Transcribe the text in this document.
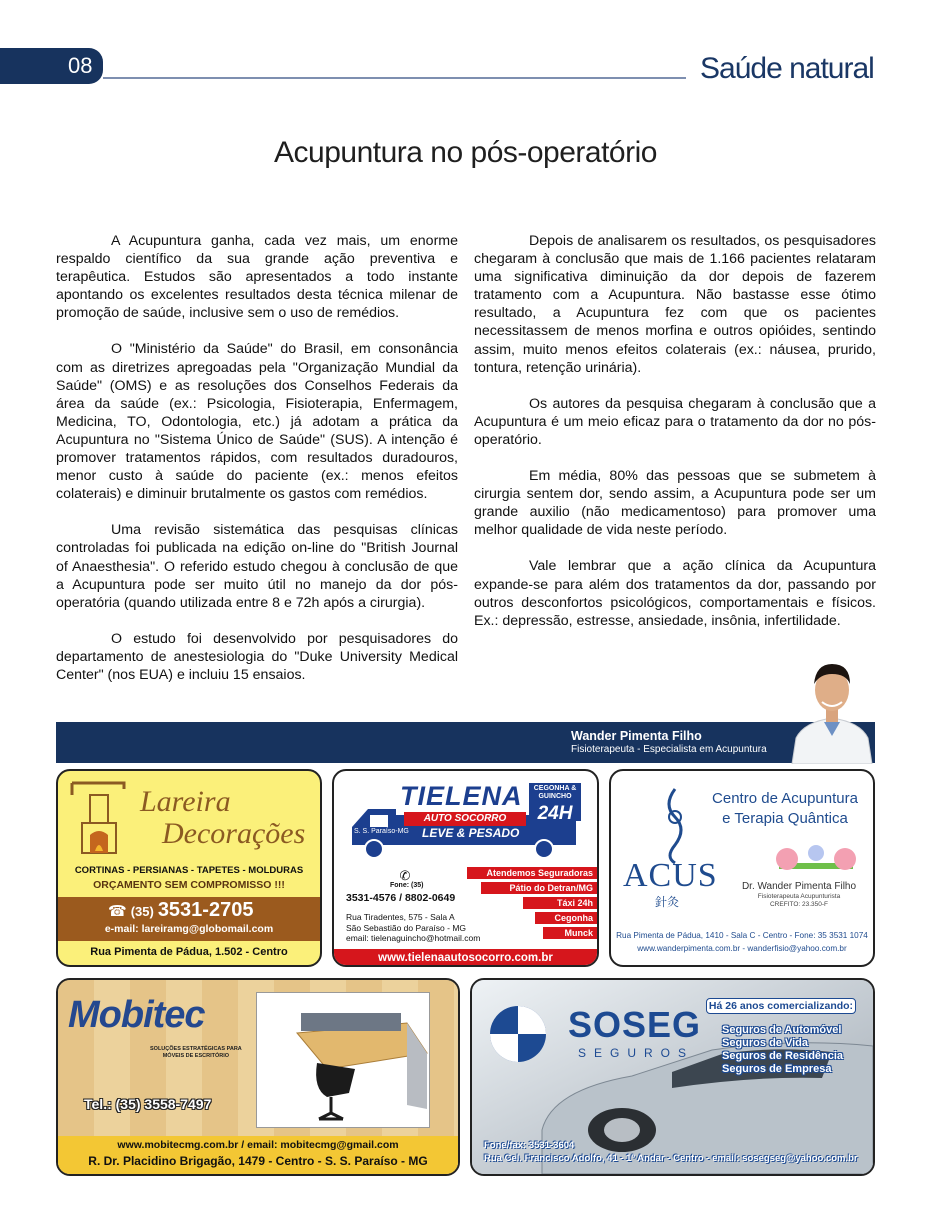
08	Saúde natural
Acupuntura no pós-operatório

A Acupuntura ganha, cada vez mais, um enorme respaldo científico da sua grande ação preventiva e terapêutica. Estudos são apresentados a todo instante apontando os excelentes resultados desta técnica milenar de promoção de saúde, inclusive sem o uso de remédios.

O "Ministério da Saúde" do Brasil, em consonância com as diretrizes apregoadas pela "Organização Mundial da Saúde" (OMS) e as resoluções dos Conselhos Federais da área da saúde (ex.: Psicologia, Fisioterapia, Enfermagem, Medicina, TO, Odontologia, etc.) já adotam a prática da Acupuntura no "Sistema Único de Saúde" (SUS). A intenção é promover tratamentos rápidos, com resultados duradouros, menor custo à saúde do paciente (ex.: menos efeitos colaterais) e diminuir brutalmente os gastos com remédios.

Uma revisão sistemática das pesquisas clínicas controladas foi publicada na edição on-line do "British Journal of Anaesthesia". O referido estudo chegou à conclusão de que a Acupuntura pode ser muito útil no manejo da dor pós-operatória (quando utilizada entre 8 e 72h após a cirurgia).

O estudo foi desenvolvido por pesquisadores do departamento de anestesiologia do "Duke University Medical Center" (nos EUA) e incluiu 15 ensaios.

Depois de analisarem os resultados, os pesquisadores chegaram à conclusão que mais de 1.166 pacientes relataram uma significativa diminuição da dor depois de fazerem tratamento com a Acupuntura. Não bastasse esse ótimo resultado, a Acupuntura fez com que os pacientes necessitassem de menos morfina e outros opióides, sentindo assim, muito menos efeitos colaterais (ex.: náusea, prurido, tontura, retenção urinária).

Os autores da pesquisa chegaram à conclusão que a Acupuntura é um meio eficaz para o tratamento da dor no pós-operatório.

Em média, 80% das pessoas que se submetem à cirurgia sentem dor, sendo assim, a Acupuntura pode ser um grande auxilio (não medicamentoso) para promover uma melhor qualidade de vida neste período.

Vale lembrar que a ação clínica da Acupuntura expande-se para além dos tratamentos da dor, passando por outros desconfortos psicológicos, comportamentais e físicos. Ex.: depressão, estresse, ansiedade, insônia, infertilidade.

Wander Pimenta Filho
Fisioterapeuta - Especialista em Acupuntura
Lareira
Decorações
CORTINAS - PERSIANAS - TAPETES - MOLDURAS
ORÇAMENTO SEM COMPROMISSO !!!
☎ (35) 3531-2705
e-mail: lareiramg@globomail.com
Rua Pimenta de Pádua, 1.502 - Centro
TIELENA
AUTO SOCORRO
CEGONHA & GUINCHO
24H
LEVE & PESADO
S. S. Paraíso-MG
✆
Fone: (35)
3531-4576 / 8802-0649
Atendemos Seguradoras
Pátio do Detran/MG
Táxi 24h
Cegonha
Munck
Rua Tiradentes, 575 - Sala A
São Sebastião do Paraíso - MG
email: tielenaguincho@hotmail.com
www.tielenaautosocorro.com.br
Centro de Acupuntura
e Terapia Quântica
ACUS
針灸
Dr. Wander Pimenta Filho
Fisioterapeuta Acupunturista
CREFITO: 23.350-F
Rua Pimenta de Pádua, 1410 - Sala C - Centro - Fone: 35 3531 1074
www.wanderpimenta.com.br - wanderfisio@yahoo.com.br
Mobitec
SOLUÇÕES ESTRATÉGICAS PARA
MÓVEIS DE ESCRITÓRIO
Tel.: (35) 3558-7497
www.mobitecmg.com.br / email: mobitecmg@gmail.com
R. Dr. Placidino Brigagão, 1479 - Centro - S. S. Paraíso - MG
SOSEG
SEGUROS
Há 26 anos comercializando:
Seguros de Automóvel
Seguros de Vida
Seguros de Residência
Seguros de Empresa
Fone/fax: 3531-3604
Rua Cel. Francisco Adolfo, 41 - 1º Andar - Centro - email: sosegseg@yahoo.com.br
